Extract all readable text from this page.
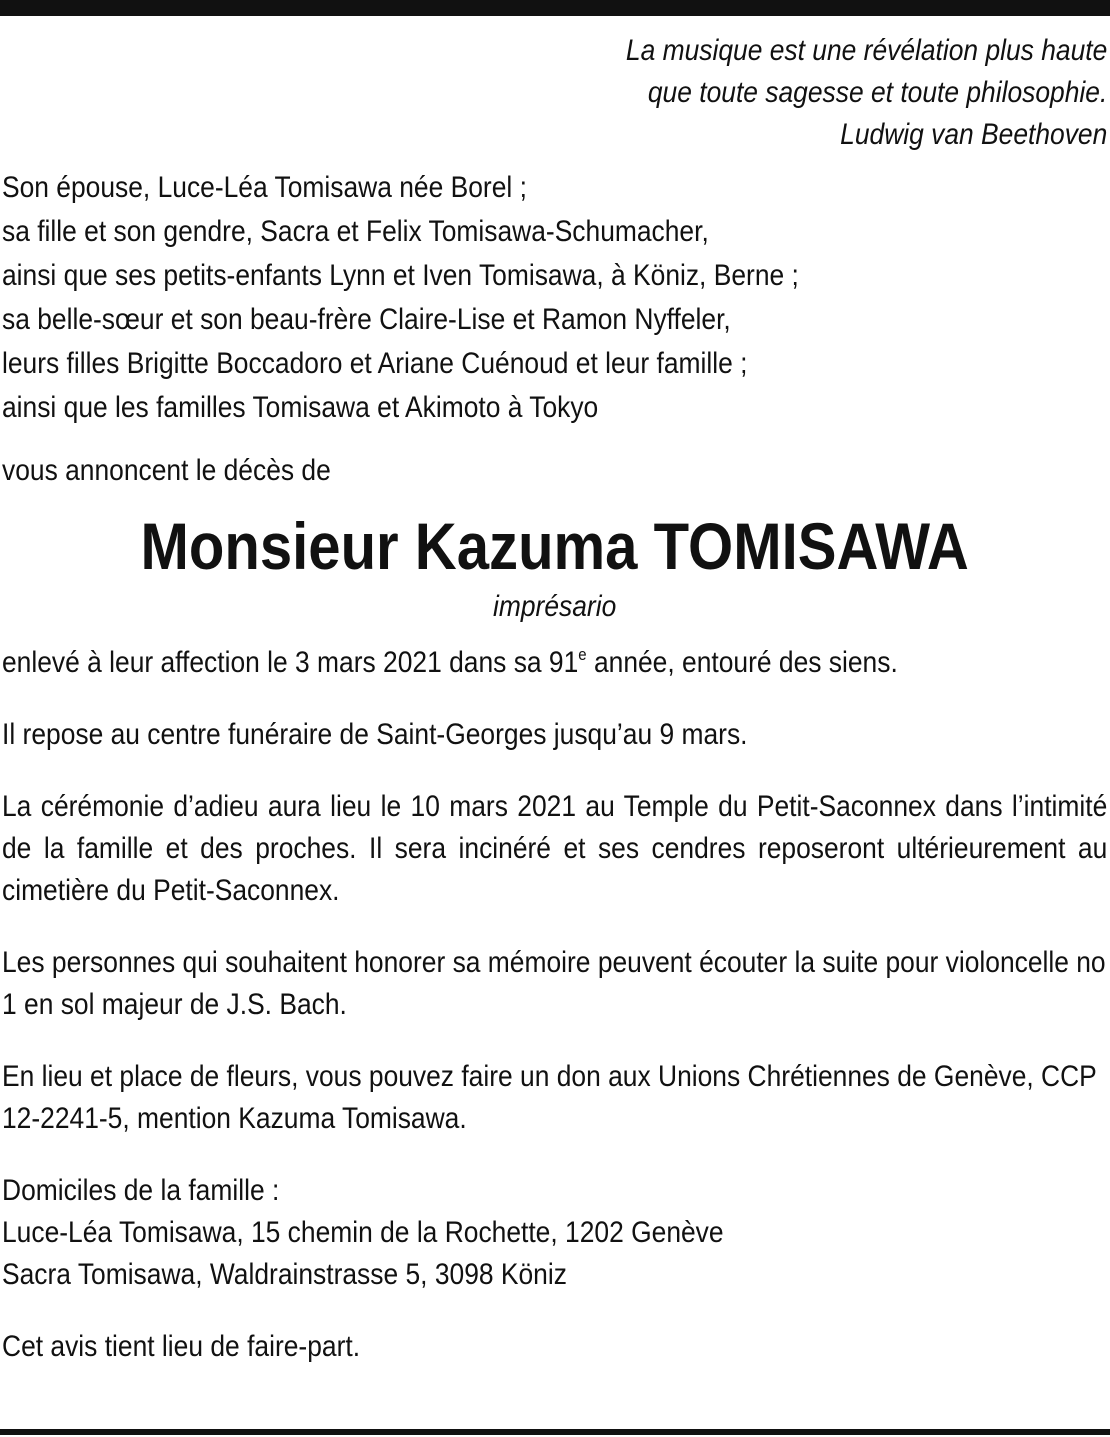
La musique est une révélation plus haute
que toute sagesse et toute philosophie.
Ludwig van Beethoven
Son épouse, Luce-Léa Tomisawa née Borel ;
sa fille et son gendre, Sacra et Felix Tomisawa-Schumacher,
ainsi que ses petits-enfants Lynn et Iven Tomisawa, à Köniz, Berne ;
sa belle-sœur et son beau-frère Claire-Lise et Ramon Nyffeler,
leurs filles Brigitte Boccadoro et Ariane Cuénoud et leur famille ;
ainsi que les familles Tomisawa et Akimoto à Tokyo
vous annoncent le décès de
Monsieur Kazuma TOMISAWA
imprésario
enlevé à leur affection le 3 mars 2021 dans sa 91e année, entouré des siens.
Il repose au centre funéraire de Saint-Georges jusqu’au 9 mars.
La cérémonie d’adieu aura lieu le 10 mars 2021 au Temple du Petit-Saconnex dans l’intimité de la famille et des proches. Il sera incinéré et ses cendres reposeront ultérieurement au cimetière du Petit-Saconnex.
Les personnes qui souhaitent honorer sa mémoire peuvent écouter la suite pour violoncelle no 1 en sol majeur de J.S. Bach.
En lieu et place de fleurs, vous pouvez faire un don aux Unions Chrétiennes de Genève, CCP 12-2241-5, mention Kazuma Tomisawa.
Domiciles de la famille :
Luce-Léa Tomisawa, 15 chemin de la Rochette, 1202 Genève
Sacra Tomisawa, Waldrainstrasse 5, 3098 Köniz
Cet avis tient lieu de faire-part.
